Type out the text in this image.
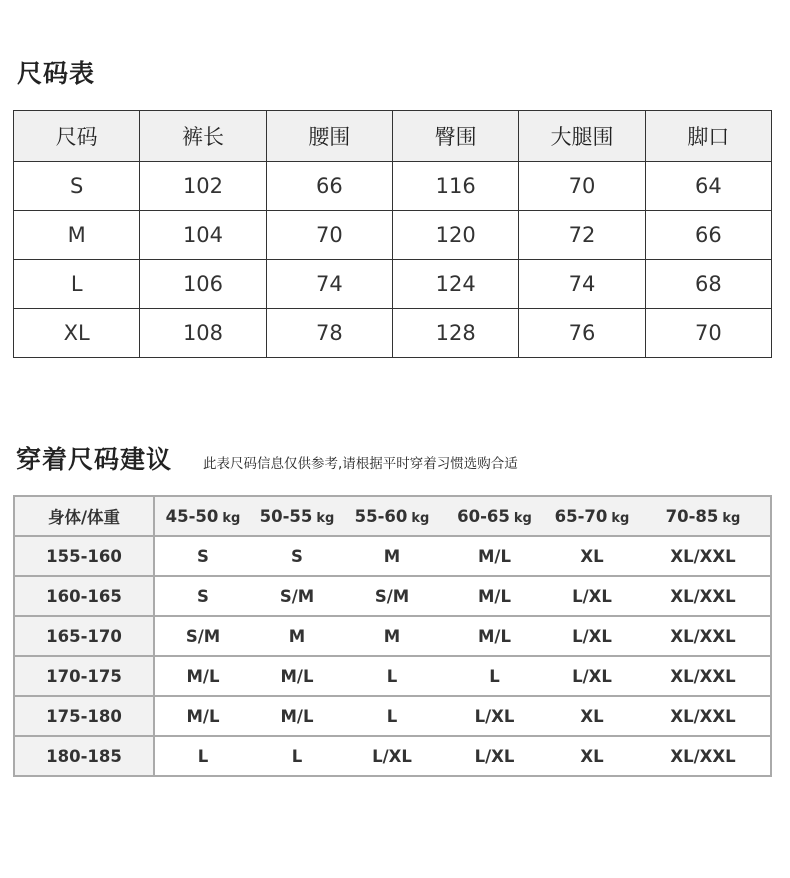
尺码表
尺码	裤长	腰围	臀围	大腿围	脚口
S	102	66	116	70	64
M	104	70	120	72	66
L	106	74	124	74	68
XL	108	78	128	76	70
穿着尺码建议 此表尺码信息仅供参考,请根据平时穿着习惯选购合适
身体/体重	45-50 kg	50-55 kg	55-60 kg	60-65 kg	65-70 kg	70-85 kg
155-160	S	S	M	M/L	XL	XL/XXL
160-165	S	S/M	S/M	M/L	L/XL	XL/XXL
165-170	S/M	M	M	M/L	L/XL	XL/XXL
170-175	M/L	M/L	L	L	L/XL	XL/XXL
175-180	M/L	M/L	L	L/XL	XL	XL/XXL
180-185	L	L	L/XL	L/XL	XL	XL/XXL
